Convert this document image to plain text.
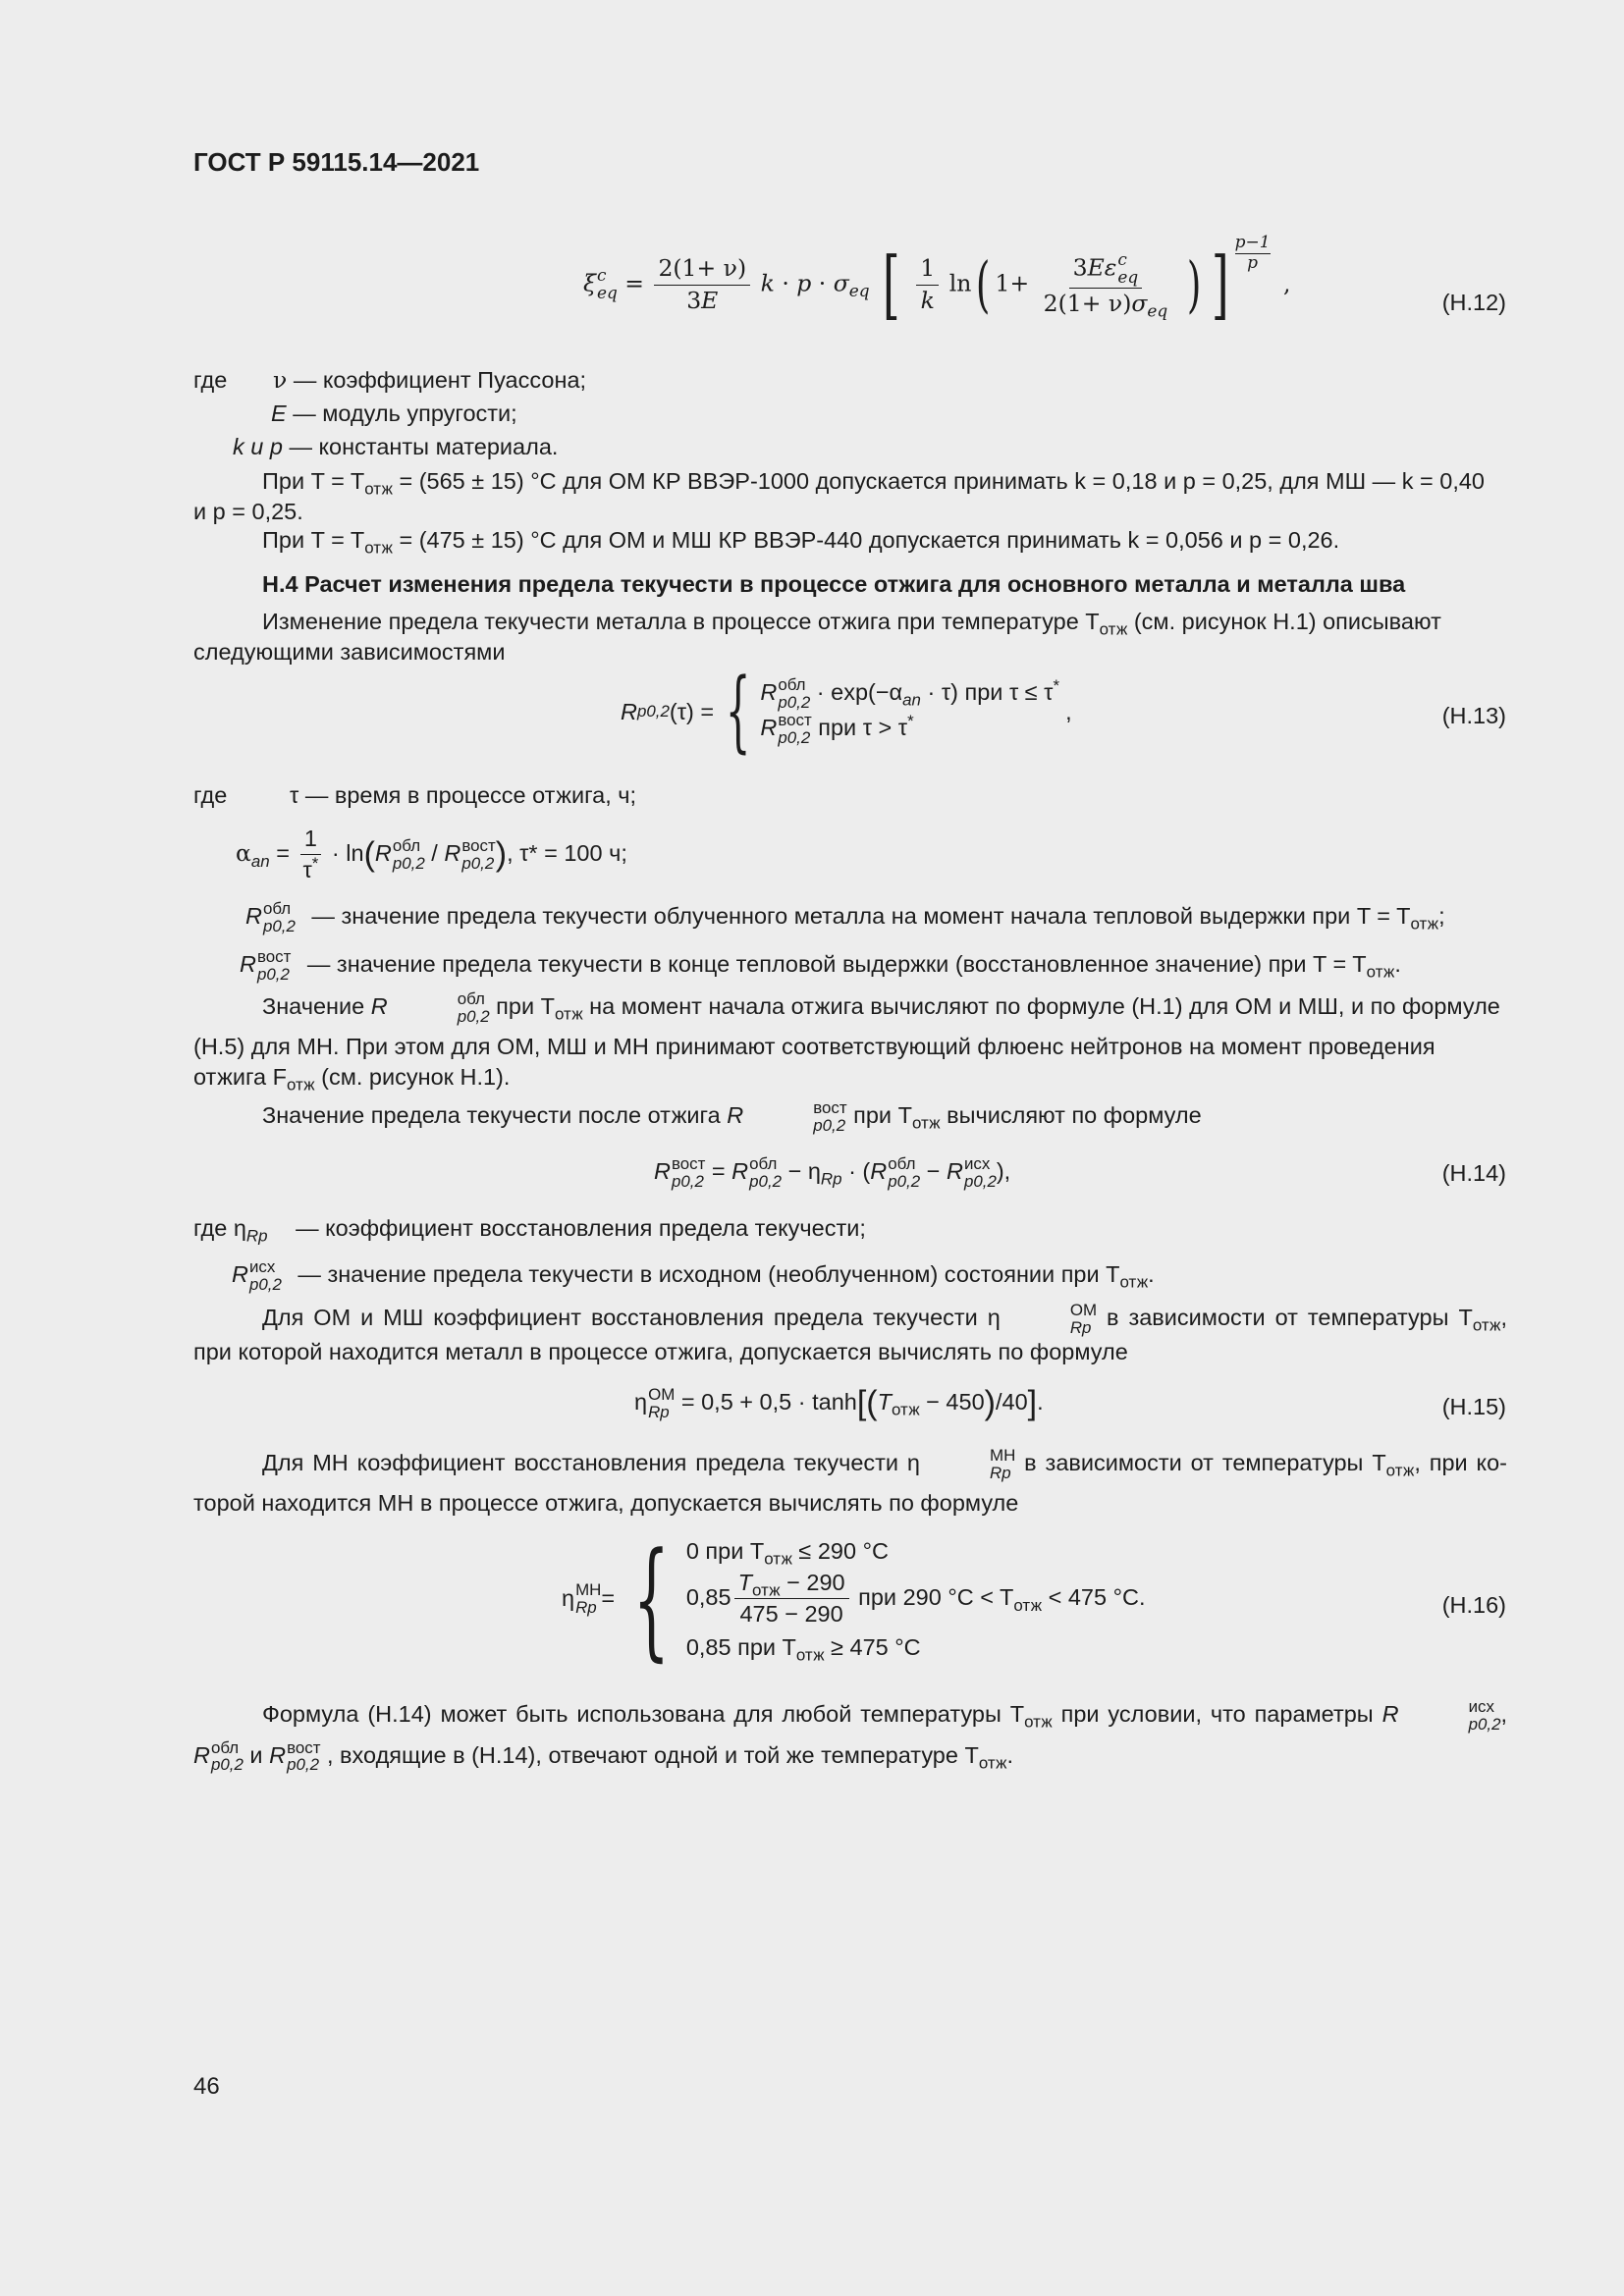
ГОСТ Р 59115.14—2021
ξ c
eq = $\frac{2(1+ \nu)}{3E}$ $k \cdot p \cdot \sigma_{eq}$ [ $\frac{1}{k} \ln$( 1+ 3Eε c
eq
$2(1+ \nu)\sigma_{eq}$ ) ] $\frac{p-1}{p}$
,
(Н.12)
где ν — коэффициент Пуассона;
E — модуль упругости;
k и p — константы материала.
При $T = T_{отж} = (565 \pm 15)$ °C для ОМ КР ВВЭР-1000 допускается принимать k = 0,18 и p = 0,25, для МШ — k = 0,40
и p = 0,25.
При $T = T_{отж} = (475 \pm 15)$ °C для ОМ и МШ КР ВВЭР-440 допускается принимать k = 0,056 и p = 0,26.
Н.4 Расчет изменения предела текучести в процессе отжига для основного металла и металла шва
Изменение предела текучести металла в процессе отжига при температуре $T_{отж}$ (см. рисунок Н.1) описывают
следующими зависимостями
R p0,2 (τ) = { R обл
$p0,2 \cdot \exp(-\alpha_{an} \cdot \tau)$ при τ ≤ τ*
R вост
p0,2 при τ > τ*	,	(Н.13)
где	τ — время в процессе отжига, ч;
$\alpha_{an} = \frac{1}{\tau^*} \cdot \ln(R$ обл
p0,2 / R вост
p0,2 ), τ* = 100 ч;
R обл
p0,2 — значение предела текучести облученного металла на момент начала тепловой выдержки при $T = T_{отж}$;
R вост
p0,2 — значение предела текучести в конце тепловой выдержки (восстановленное значение) при $T = T_{отж}$.
Значение R	обл
p0,2 при $T_{отж}$ на момент начала отжига вычисляют по формуле (Н.1) для ОМ и МШ, и по формуле
(Н.5) для МН. При этом для ОМ, МШ и МН принимают соответствующий флюенс нейтронов на момент проведения
отжига $F_{отж}$ (см. рисунок Н.1).
Значение предела текучести после отжига R	вост
p0,2 при $T_{отж}$ вычисляют по формуле
R вост
p0,2 = R обл
$p0,2 - \eta_{Rp} \cdot (R$ обл
p0,2 − R исх
p0,2 ),	(Н.14)
где $\eta_{Rp}$ — коэффициент восстановления предела текучести;
R исх
p0,2 — значение предела текучести в исходном (необлученном) состоянии при $T_{отж}$.
Для ОМ и МШ коэффициент восстановления предела текучести η	ОМ
Rp в зависимости от температуры $T_{отж}$,
при которой находится металл в процессе отжига, допускается вычислять по формуле
η ОМ
$Rp = 0,5 + 0,5 \cdot \tanh[(T_{отж} - 450)/40]$.	(Н.15)
Для МН коэффициент восстановления предела текучести η	МН
Rp в зависимости от температуры $T_{отж}$, при ко-
торой находится МН в процессе отжига, допускается вычислять по формуле
η МН
Rp = { 0 при $T_{отж} \le 290$ °C
$0,85 \frac{T_{отж} - 290}{475 - 290}$ при 290 $^\circ C < T_{отж} < 475$ °C.
0,85 при $T_{отж} \ge 475$ °C
(Н.16)
Формула (Н.14) может быть использована для любой температуры $T_{отж}$ при условии, что параметры R	исх
p0,2 ,
R обл
p0,2 и R вост
p0,2 , входящие в (Н.14), отвечают одной и той же температуре $T_{отж}$.
46
